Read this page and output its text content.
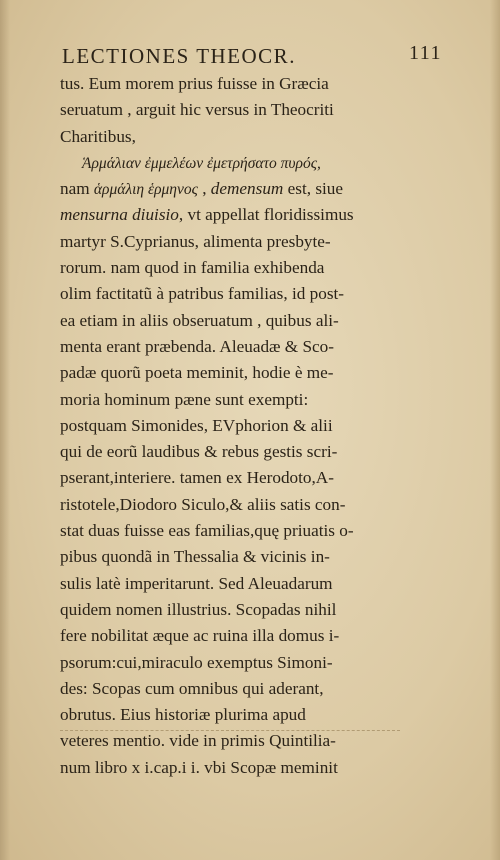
LECTIONES THEOCR.	111
tus. Eum morem prius fuisse in Græcia
seruatum , arguit hic versus in Theocriti
Charitibus,
Ἁρμάλιαν ἐμμελέων ἐμετρήσατο πυρός,
nam ἁρμάλιη ἑρμηνος , demensum est, siue
mensurna diuisio, vt appellat floridissimus
martyr S.Cyprianus, alimenta presbyte-
rorum. nam quod in familia exhibenda
olim factitatũ à patribus familias, id post-
ea etiam in aliis obseruatum , quibus ali-
menta erant præbenda. Aleuadæ & Sco-
padæ quorũ poeta meminit, hodie è me-
moria hominum pæne sunt exempti:
postquam Simonides, EVphorion & alii
qui de eorũ laudibus & rebus gestis scri-
pserant,interiere. tamen ex Herodoto,A-
ristotele,Diodoro Siculo,& aliis satis con-
stat duas fuisse eas familias,quę priuatis o-
pibus quondã in Thessalia & vicinis in-
sulis latè imperitarunt. Sed Aleuadarum
quidem nomen illustrius. Scopadas nihil
fere nobilitat æque ac ruina illa domus i-
psorum:cui,miraculo exemptus Simoni-
des: Scopas cum omnibus qui aderant,
obrutus. Eius historiæ plurima apud
veteres mentio. vide in primis Quintilia-
num libro x i.cap.i i. vbi Scopæ meminit
